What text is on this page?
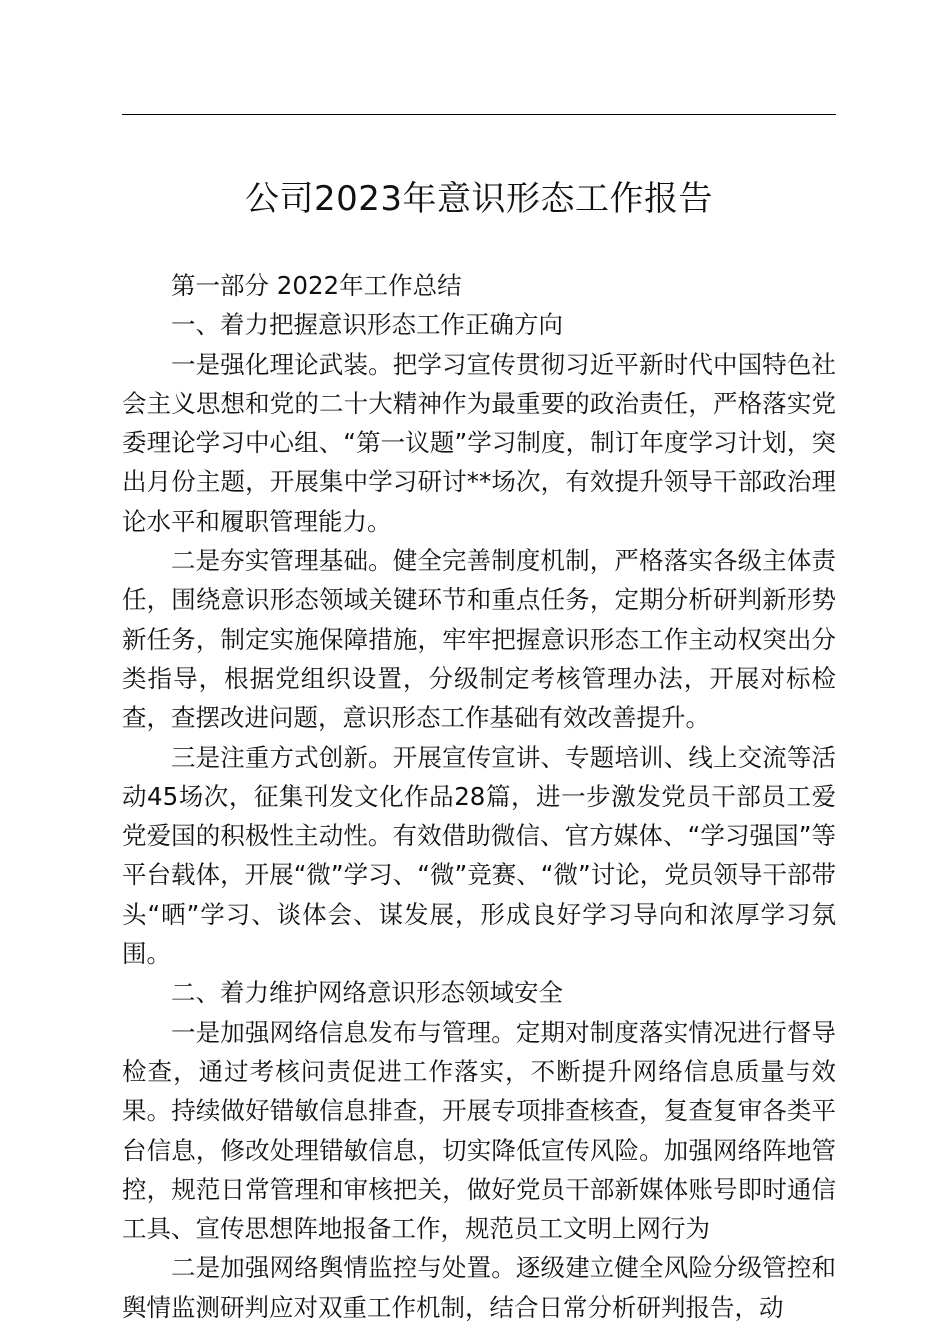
公司2023年意识形态工作报告

第一部分 2022年工作总结

一、着力把握意识形态工作正确方向

一是强化理论武装。把学习宣传贯彻习近平新时代中国特色社会主义思想和党的二十大精神作为最重要的政治责任，严格落实党委理论学习中心组、“第一议题”学习制度，制订年度学习计划，突出月份主题，开展集中学习研讨**场次，有效提升领导干部政治理论水平和履职管理能力。

二是夯实管理基础。健全完善制度机制，严格落实各级主体责任，围绕意识形态领域关键环节和重点任务，定期分析研判新形势新任务，制定实施保障措施，牢牢把握意识形态工作主动权突出分类指导，根据党组织设置，分级制定考核管理办法，开展对标检查，查摆改进问题，意识形态工作基础有效改善提升。

三是注重方式创新。开展宣传宣讲、专题培训、线上交流等活动45场次，征集刊发文化作品28篇，进一步激发党员干部员工爱党爱国的积极性主动性。有效借助微信、官方媒体、“学习强国”等平台载体，开展“微”学习、“微”竞赛、“微”讨论，党员领导干部带头“晒”学习、谈体会、谋发展，形成良好学习导向和浓厚学习氛围。

二、着力维护网络意识形态领域安全

一是加强网络信息发布与管理。定期对制度落实情况进行督导检查，通过考核问责促进工作落实，不断提升网络信息质量与效果。持续做好错敏信息排查，开展专项排查核查，复查复审各类平台信息，修改处理错敏信息，切实降低宣传风险。加强网络阵地管控，规范日常管理和审核把关，做好党员干部新媒体账号即时通信工具、宣传思想阵地报备工作，规范员工文明上网行为

二是加强网络舆情监控与处置。逐级建立健全风险分级管控和舆情监测研判应对双重工作机制，结合日常分析研判报告，动
